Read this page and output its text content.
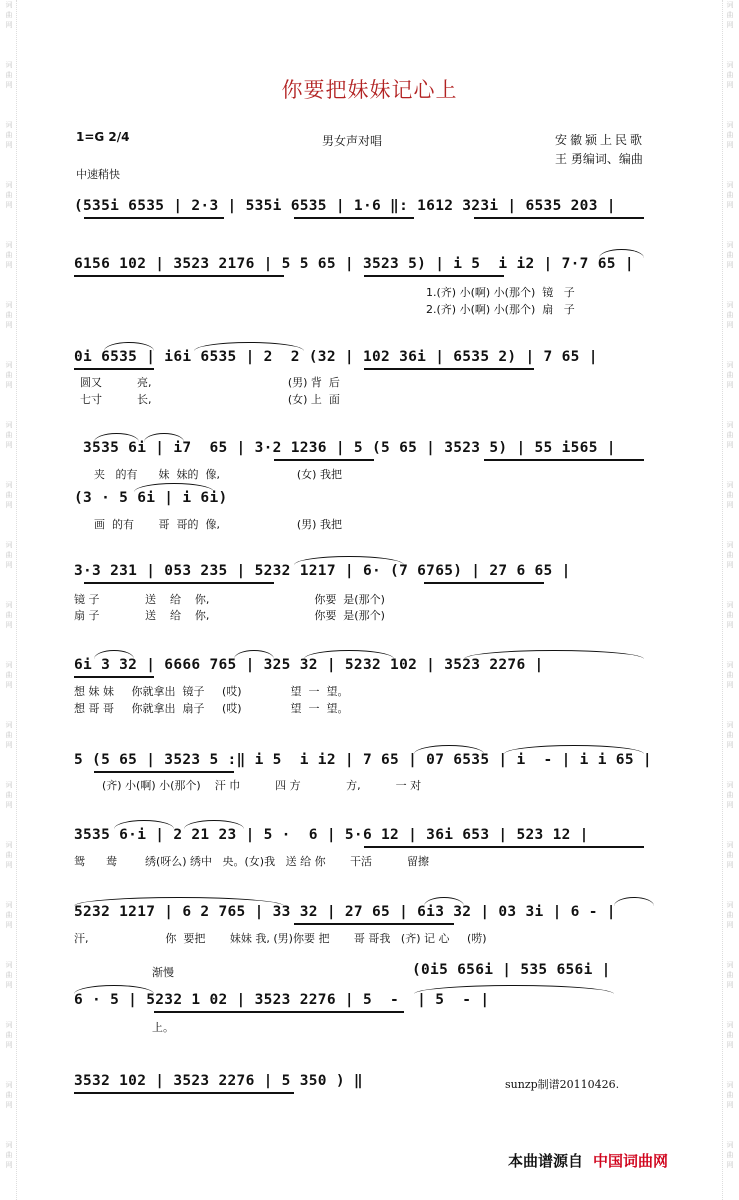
词
曲
网
词
曲
网
词
曲
网
词
曲
网
词
曲
网
词
曲
网
词
曲
网
词
曲
网
词
曲
网
词
曲
网
词
曲
网
词
曲
网
词
曲
网
词
曲
网
词
曲
网
词
曲
网
词
曲
网
词
曲
网
词
曲
网
词
曲
网
词
曲
网
词
曲
网
词
曲
网
词
曲
网
词
曲
网
词
曲
网
词
曲
网
词
曲
网
词
曲
网
词
曲
网
词
曲
网
词
曲
网
词
曲
网
词
曲
网
词
曲
网
词
曲
网
词
曲
网
词
曲
网
词
曲
网
词
曲
网
你要把妹妹记心上
1=G 2/4	男女声对唱	安徽颍上民歌
王 勇编词、编曲
中速稍快
(535i 6535 | 2·3 | 535i 6535 | 1·6 ‖: 1612 323i | 6535 203 |
6156 102 | 3523 2176 | 5 5 65 | 3523 5) | i 5  i i2 | 7·7 65 |
1.(齐) 小(啊) 小(那个)  镜   子
2.(齐) 小(啊) 小(那个)  扇   子
0i 6535 | i6i 6535 | 2  2 (32 | 102 36i | 6535 2) | 7 65 |
圆又          亮,                                       (男) 背  后
七寸          长,                                       (女) 上  面
3535 6i | i7  65 | 3·2 1236 | 5 (5 65 | 3523 5) | 55 i565 |
夹   的有      妹  妹的  像,                      (女) 我把
(3 · 5 6i | i 6i)
画  的有       哥  哥的  像,                      (男) 我把
3·3 231 | 053 235 | 5232 1217 | 6· (7 6765) | 27 6 65 |
镜 子             送    给    你,                              你要  是(那个)
扇 子             送    给    你,                              你要  是(那个)
6i 3 32 | 6666 765 | 325 32 | 5232 102 | 3523 2276 |
想 妹 妹     你就拿出  镜子     (哎)              望  一  望。
想 哥 哥     你就拿出  扇子     (哎)              望  一  望。
5 (5 65 | 3523 5 :‖ i 5  i i2 | 7 65 | 07 6535 | i  - | i i 65 |
(齐) 小(啊) 小(那个)    汗 巾          四 方             方,          一 对
3535 6·i | 2 21 23 | 5 ·  6 | 5·6 12 | 36i 653 | 523 12 |
鸳      鸯        绣(呀么) 绣中   央。(女)我   送 给 你       干活          留擦
5232 1217 | 6 2 765 | 33 32 | 27 65 | 6i3 32 | 03 3i | 6 - |
汗,                      你  要把       妹妹 我, (男)你要 把       哥 哥我   (齐) 记 心     (唠)
渐慢	(0i5 656i | 535 656i |
6 · 5 | 5232 1 02 | 3523 2276 | 5  -  | 5  - |
上。
3532 102 | 3523 2276 | 5 350 ) ‖	sunzp制谱20110426.
本曲谱源自 中国词曲网
